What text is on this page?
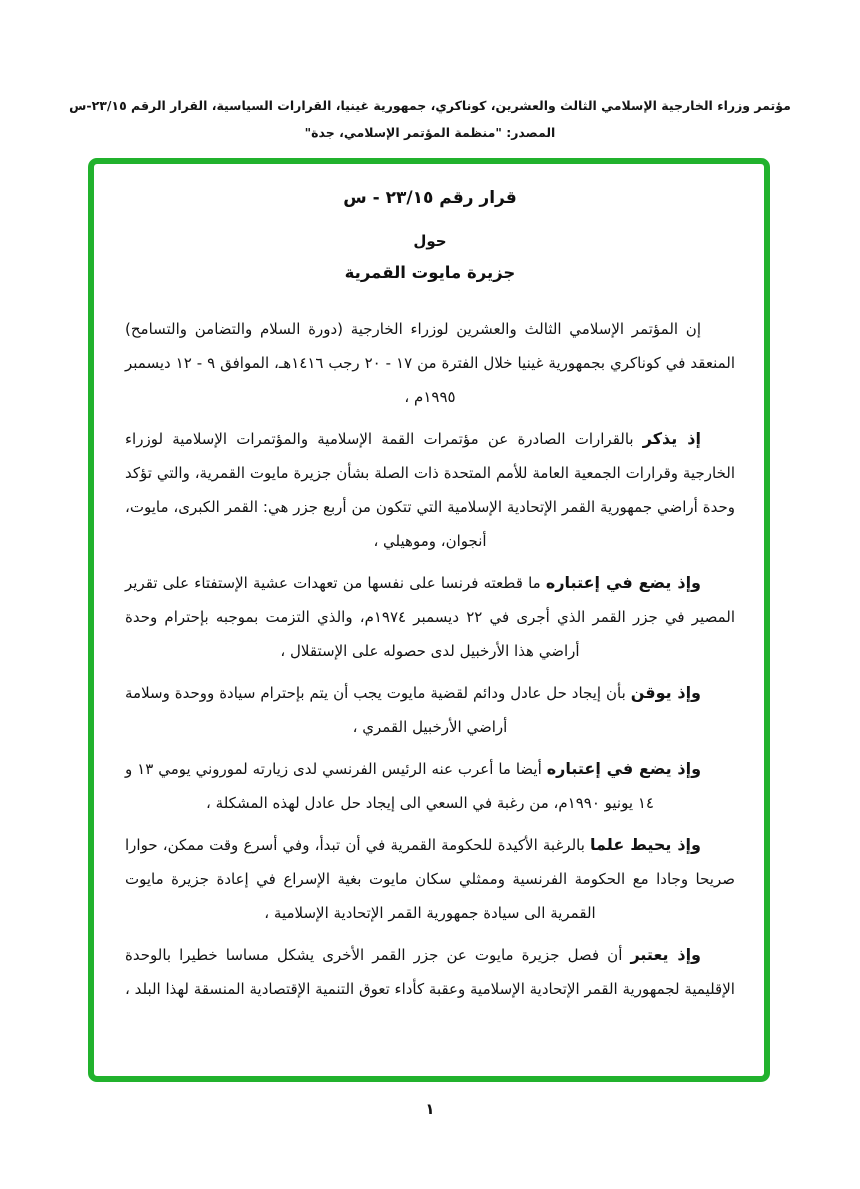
مؤتمر وزراء الخارجية الإسلامي الثالث والعشرين، كوناكري، جمهورية غينيا، القرارات السياسية، القرار الرقم ٢٣/١٥-س
المصدر: "منظمة المؤتمر الإسلامي، جدة"
قرار رقم ٢٣/١٥ - س
حول
جزيرة مايوت القمرية

إن المؤتمر الإسلامي الثالث والعشرين لوزراء الخارجية (دورة السلام والتضامن والتسامح) المنعقد في كوناكري بجمهورية غينيا خلال الفترة من ١٧ - ٢٠ رجب ١٤١٦هـ، الموافق ٩ - ١٢ ديسمبر ١٩٩٥م ،

إذ يذكر بالقرارات الصادرة عن مؤتمرات القمة الإسلامية والمؤتمرات الإسلامية لوزراء الخارجية وقرارات الجمعية العامة للأمم المتحدة ذات الصلة بشأن جزيرة مايوت القمرية، والتي تؤكد وحدة أراضي جمهورية القمر الإتحادية الإسلامية التي تتكون من أربع جزر هي: القمر الكبرى، مايوت، أنجوان، وموهيلي ،

وإذ يضع في إعتباره ما قطعته فرنسا على نفسها من تعهدات عشية الإستفتاء على تقرير المصير في جزر القمر الذي أجرى في ٢٢ ديسمبر ١٩٧٤م، والذي التزمت بموجبه بإحترام وحدة أراضي هذا الأرخبيل لدى حصوله على الإستقلال ،

وإذ يوقن بأن إيجاد حل عادل ودائم لقضية مايوت يجب أن يتم بإحترام سيادة ووحدة وسلامة أراضي الأرخبيل القمري ،

وإذ يضع في إعتباره أيضا ما أعرب عنه الرئيس الفرنسي لدى زيارته لموروني يومي ١٣ و ١٤ يونيو ١٩٩٠م، من رغبة في السعي الى إيجاد حل عادل لهذه المشكلة ،

وإذ يحيط علما بالرغبة الأكيدة للحكومة القمرية في أن تبدأ، وفي أسرع وقت ممكن، حوارا صريحا وجادا مع الحكومة الفرنسية وممثلي سكان مايوت بغية الإسراع في إعادة جزيرة مايوت القمرية الى سيادة جمهورية القمر الإتحادية الإسلامية ،

وإذ يعتبر أن فصل جزيرة مايوت عن جزر القمر الأخرى يشكل مساسا خطيرا بالوحدة الإقليمية لجمهورية القمر الإتحادية الإسلامية وعقبة كأداء تعوق التنمية الإقتصادية المنسقة لهذا البلد ،

١
